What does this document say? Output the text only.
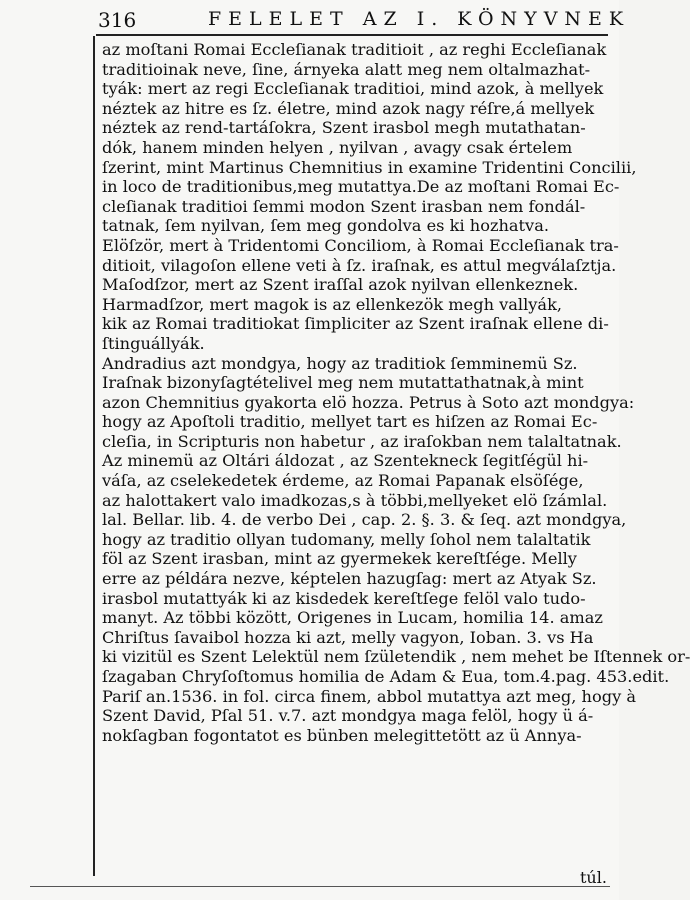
316	FELELET AZ I. KÖNYVNEK
az moſtani Romai Eccleſianak traditioit , az reghi Eccleſianak
traditioinak neve, ſine, árnyeka alatt meg nem oltalmazhat-
tyák: mert az regi Eccleſianak traditioi, mind azok, à mellyek
néztek az hitre es ſz. életre, mind azok nagy réſre,á mellyek
néztek az rend-tartáſokra, Szent irasbol megh mutathatan-
dók, hanem minden helyen , nyilvan , avagy csak értelem
ſzerint, mint Martinus Chemnitius in examine Tridentini Concilii,
in loco de traditionibus,meg mutattya.De az moſtani Romai Ec-
cleſianak traditioi ſemmi modon Szent irasban nem fondál-
tatnak, ſem nyilvan, ſem meg gondolva es ki hozhatva.
Elöſzör, mert à Tridentomi Conciliom, à Romai Eccleſianak tra-
ditioit, vilagoſon ellene veti à ſz. iraſnak, es attul megválaſztja.
Maſodſzor, mert az Szent iraſſal azok nyilvan ellenkeznek.
Harmadſzor, mert magok is az ellenkezök megh vallyák,
kik az Romai traditiokat ſimpliciter az Szent iraſnak ellene di-
ſtinguállyák.
Andradius azt mondgya, hogy az traditiok ſemminemü Sz.
Iraſnak bizonyſagtételivel meg nem mutattathatnak,à mint
azon Chemnitius gyakorta elö hozza. Petrus à Soto azt mondgya:
hogy az Apoſtoli traditio, mellyet tart es hiſzen az Romai Ec-
cleſia, in Scripturis non habetur , az iraſokban nem talaltatnak.
Az minemü az Oltári áldozat , az Szentekneck ſegitſégül hi-
váſa, az cselekedetek érdeme, az Romai Papanak elsöſége,
az halottakert valo imadkozas,s à többi,mellyeket elö ſzámlal.
lal. Bellar. lib. 4. de verbo Dei , cap. 2. §. 3. & ſeq. azt mondgya,
hogy az traditio ollyan tudomany, melly ſohol nem talaltatik
föl az Szent irasban, mint az gyermekek kereſtſége. Melly
erre az példára nezve, képtelen hazugſag: mert az Atyak Sz.
irasbol mutattyák ki az kisdedek kereſtſege felöl valo tudo-
manyt. Az többi között, Origenes in Lucam, homilia 14. amaz
Chriſtus ſavaibol hozza ki azt, melly vagyon, Ioban. 3. vs Ha
ki vizitül es Szent Lelektül nem ſzületendik , nem mehet be Iſtennek or-
ſzagaban Chryſoſtomus homilia de Adam & Eua, tom.4.pag. 453.edit.
Pariſ an.1536. in fol. circa finem, abbol mutattya azt meg, hogy à
Szent David, Pſal 51. v.7. azt mondgya maga felöl, hogy ü á-
nokſagban fogontatot es bünben melegittetött az ü Annya-
túl.
